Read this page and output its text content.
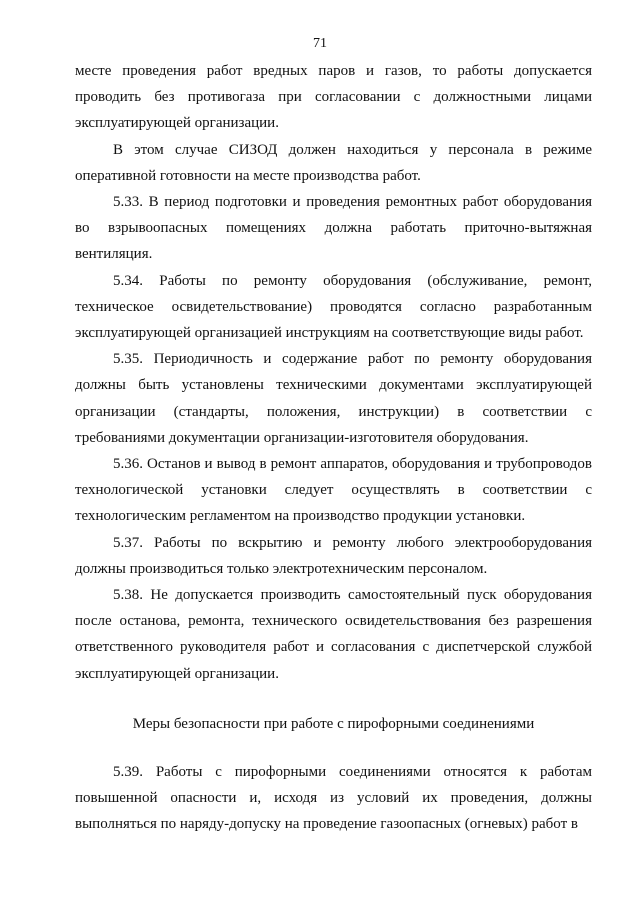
71

месте проведения работ вредных паров и газов, то работы допускается проводить без противогаза при согласовании с должностными лицами эксплуатирующей организации.

В этом случае СИЗОД должен находиться у персонала в режиме оперативной готовности на месте производства работ.

5.33. В период подготовки и проведения ремонтных работ оборудования во взрывоопасных помещениях должна работать приточно-вытяжная вентиляция.

5.34. Работы по ремонту оборудования (обслуживание, ремонт, техническое освидетельствование) проводятся согласно разработанным эксплуатирующей организацией инструкциям на соответствующие виды работ.

5.35. Периодичность и содержание работ по ремонту оборудования должны быть установлены техническими документами эксплуатирующей организации (стандарты, положения, инструкции) в соответствии с требованиями документации организации-изготовителя оборудования.

5.36. Останов и вывод в ремонт аппаратов, оборудования и трубопроводов технологической установки следует осуществлять в соответствии с технологическим регламентом на производство продукции установки.

5.37. Работы по вскрытию и ремонту любого электрооборудования должны производиться только электротехническим персоналом.

5.38. Не допускается производить самостоятельный пуск оборудования после останова, ремонта, технического освидетельствования без разрешения ответственного руководителя работ и согласования с диспетчерской службой эксплуатирующей организации.

Меры безопасности при работе с пирофорными соединениями

5.39. Работы с пирофорными соединениями относятся к работам повышенной опасности и, исходя из условий их проведения, должны выполняться по наряду-допуску на проведение газоопасных (огневых) работ в
